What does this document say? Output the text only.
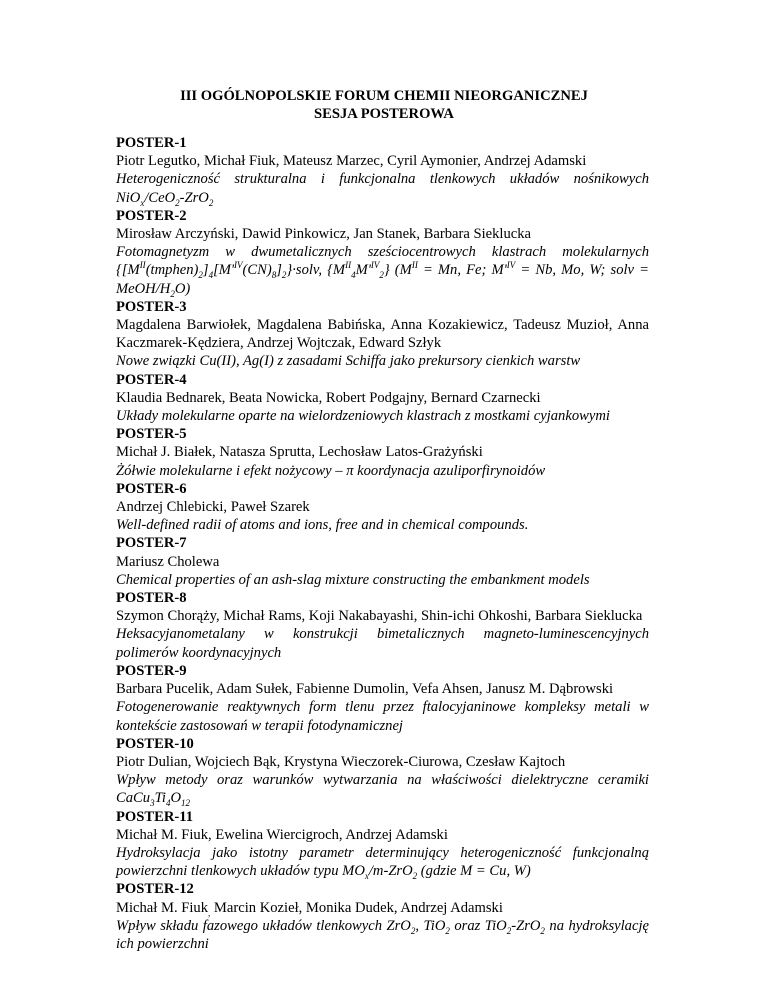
III OGÓLNOPOLSKIE FORUM CHEMII NIEORGANICZNEJ
SESJA POSTEROWA
POSTER-1
Piotr Legutko, Michał Fiuk, Mateusz Marzec, Cyril Aymonier, Andrzej Adamski
Heterogeniczność strukturalna i funkcjonalna tlenkowych układów nośnikowych NiO$_x$/CeO$_2$-ZrO$_2$
POSTER-2
Mirosław Arczyński, Dawid Pinkowicz, Jan Stanek, Barbara Sieklucka
Fotomagnetyzm w dwumetalicznych sześciocentrowych klastrach molekularnych $\{[M^{II}(tmphen)_2]_4[M'^{IV}(CN)_8]_2\}\cdot solv$, $\{M^{II}_4M'^{IV}_2\} (M^{II} = Mn$, Fe; $M'^{IV} = Nb$, Mo, W; solv = MeOH/$H_2O$)
POSTER-3
Magdalena Barwiołek, Magdalena Babińska, Anna Kozakiewicz, Tadeusz Muzioł, Anna Kaczmarek-Kędziera, Andrzej Wojtczak, Edward Szłyk
Nowe związki Cu(II), Ag(I) z zasadami Schiffa jako prekursory cienkich warstw
POSTER-4
Klaudia Bednarek, Beata Nowicka, Robert Podgajny, Bernard Czarnecki
Układy molekularne oparte na wielordzeniowych klastrach z mostkami cyjankowymi
POSTER-5
Michał J. Białek, Natasza Sprutta, Lechosław Latos-Grażyński
Żółwie molekularne i efekt nożycowy – π koordynacja azuliporfirynoidów
POSTER-6
Andrzej Chlebicki, Paweł Szarek
Well-defined radii of atoms and ions, free and in chemical compounds.
POSTER-7
Mariusz Cholewa
Chemical properties of an ash-slag mixture constructing the embankment models
POSTER-8
Szymon Chorąży, Michał Rams, Koji Nakabayashi, Shin-ichi Ohkoshi, Barbara Sieklucka
Heksacyjanometalany w konstrukcji bimetalicznych magneto-luminescencyjnych polimerów koordynacyjnych
POSTER-9
Barbara Pucelik, Adam Sułek, Fabienne Dumolin, Vefa Ahsen, Janusz M. Dąbrowski
Fotogenerowanie reaktywnych form tlenu przez ftalocyjaninowe kompleksy metali w kontekście zastosowań w terapii fotodynamicznej
POSTER-10
Piotr Dulian, Wojciech Bąk, Krystyna Wieczorek-Ciurowa, Czesław Kajtoch
Wpływ metody oraz warunków wytwarzania na właściwości dielektryczne ceramiki $CaCu_3Ti_4O_{12}$
POSTER-11
Michał M. Fiuk, Ewelina Wiercigroch, Andrzej Adamski
Hydroksylacja jako istotny parametr determinujący heterogeniczność funkcjonalną powierzchni tlenkowych układów typu $MO_x/m-ZrO_2$ (gdzie M = Cu, W)
POSTER-12
Michał M. Fiuk$_,$ Marcin Kozieł, Monika Dudek, Andrzej Adamski
Wpływ składu fazowego układów tlenkowych ZrO$_2$, TiO$_2$ oraz TiO$_2$-ZrO$_2$ na hydroksylację ich powierzchni
